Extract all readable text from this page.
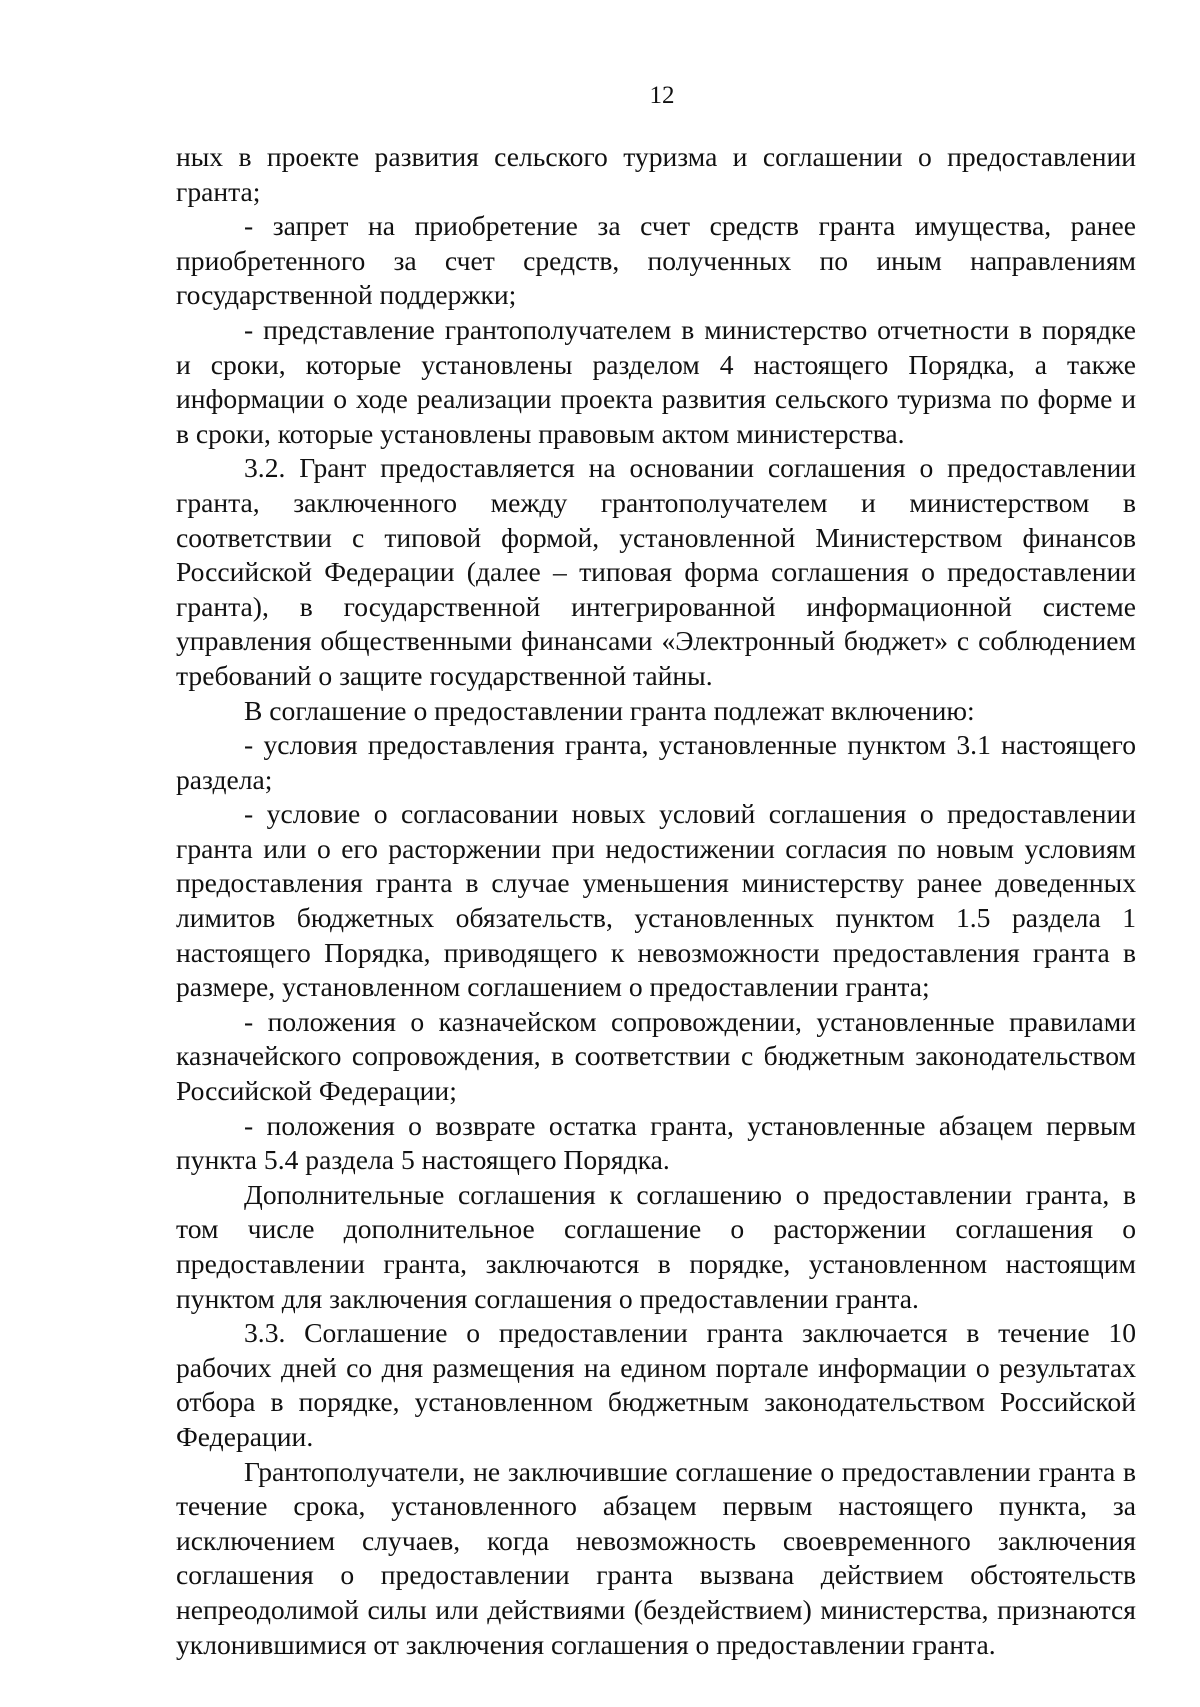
12

ных в проекте развития сельского туризма и соглашении о предоставлении гранта;

- запрет на приобретение за счет средств гранта имущества, ранее приобретенного за счет средств, полученных по иным направлениям государственной поддержки;

- представление грантополучателем в министерство отчетности в порядке и сроки, которые установлены разделом 4 настоящего Порядка, а также информации о ходе реализации проекта развития сельского туризма по форме и в сроки, которые установлены правовым актом министерства.

3.2. Грант предоставляется на основании соглашения о предоставлении гранта, заключенного между грантополучателем и министерством в соответствии с типовой формой, установленной Министерством финансов Российской Федерации (далее – типовая форма соглашения о предоставлении гранта), в государственной интегрированной информационной системе управления общественными финансами «Электронный бюджет» с соблюдением требований о защите государственной тайны.

В соглашение о предоставлении гранта подлежат включению:

- условия предоставления гранта, установленные пунктом 3.1 настоящего раздела;

- условие о согласовании новых условий соглашения о предоставлении гранта или о его расторжении при недостижении согласия по новым условиям предоставления гранта в случае уменьшения министерству ранее доведенных лимитов бюджетных обязательств, установленных пунктом 1.5 раздела 1 настоящего Порядка, приводящего к невозможности предоставления гранта в размере, установленном соглашением о предоставлении гранта;

- положения о казначейском сопровождении, установленные правилами казначейского сопровождения, в соответствии с бюджетным законодательством Российской Федерации;

- положения о возврате остатка гранта, установленные абзацем первым пункта 5.4 раздела 5 настоящего Порядка.

Дополнительные соглашения к соглашению о предоставлении гранта, в том числе дополнительное соглашение о расторжении соглашения о предоставлении гранта, заключаются в порядке, установленном настоящим пунктом для заключения соглашения о предоставлении гранта.

3.3. Соглашение о предоставлении гранта заключается в течение 10 рабочих дней со дня размещения на едином портале информации о результатах отбора в порядке, установленном бюджетным законодательством Российской Федерации.

Грантополучатели, не заключившие соглашение о предоставлении гранта в течение срока, установленного абзацем первым настоящего пункта, за исключением случаев, когда невозможность своевременного заключения соглашения о предоставлении гранта вызвана действием обстоятельств непреодолимой силы или действиями (бездействием) министерства, признаются уклонившимися от заключения соглашения о предоставлении гранта.
